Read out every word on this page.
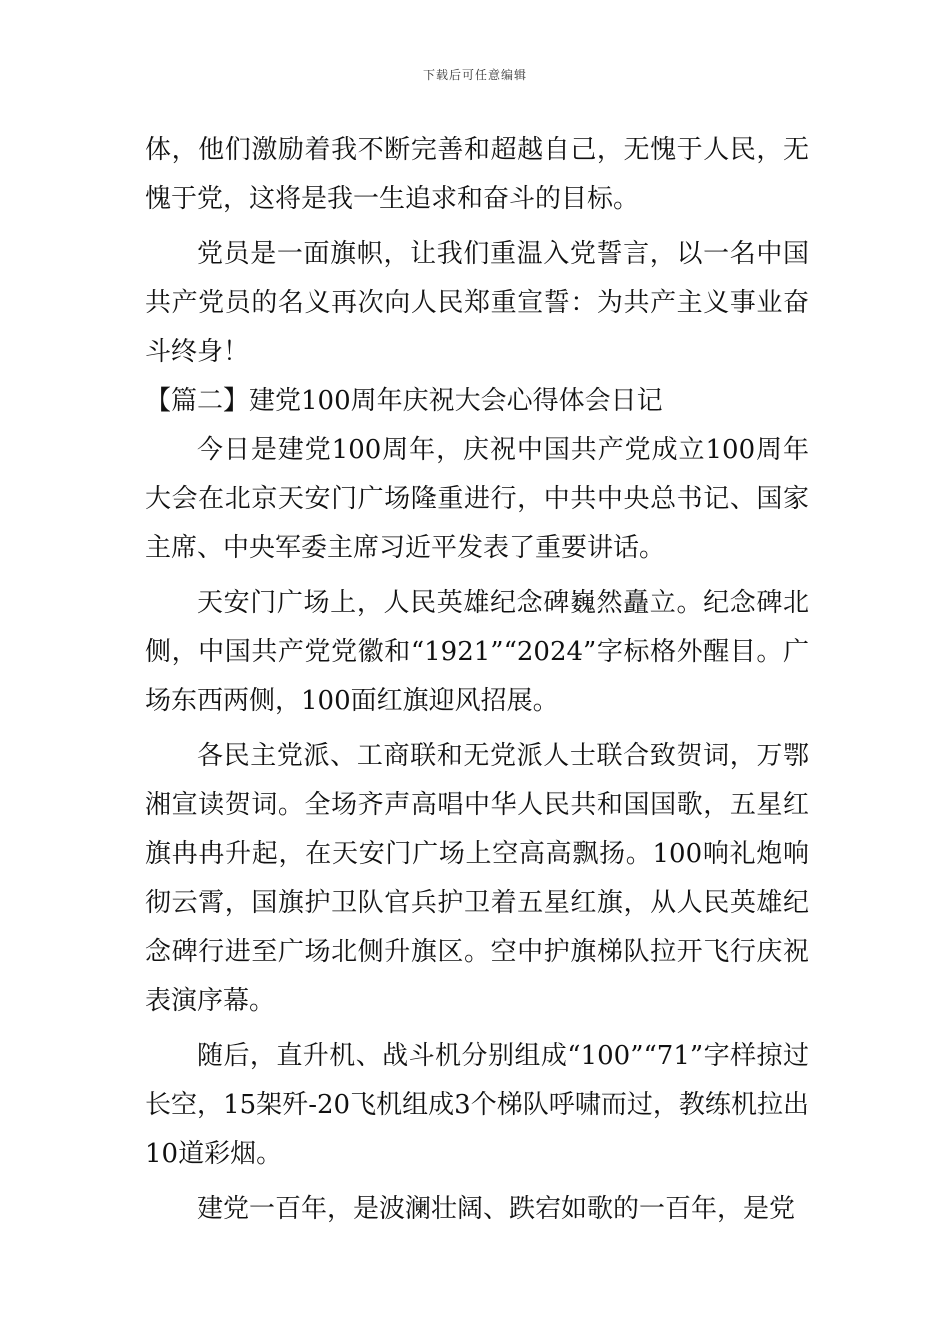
下载后可任意编辑

体，他们激励着我不断完善和超越自己，无愧于人民，无愧于党，这将是我一生追求和奋斗的目标。

党员是一面旗帜，让我们重温入党誓言，以一名中国共产党员的名义再次向人民郑重宣誓：为共产主义事业奋斗终身！

【篇二】建党100周年庆祝大会心得体会日记

今日是建党100周年，庆祝中国共产党成立100周年大会在北京天安门广场隆重进行，中共中央总书记、国家主席、中央军委主席习近平发表了重要讲话。

天安门广场上，人民英雄纪念碑巍然矗立。纪念碑北侧，中国共产党党徽和“1921”“2024”字标格外醒目。广场东西两侧，100面红旗迎风招展。

各民主党派、工商联和无党派人士联合致贺词，万鄂湘宣读贺词。全场齐声高唱中华人民共和国国歌，五星红旗冉冉升起，在天安门广场上空高高飘扬。100响礼炮响彻云霄，国旗护卫队官兵护卫着五星红旗，从人民英雄纪念碑行进至广场北侧升旗区。空中护旗梯队拉开飞行庆祝表演序幕。

随后，直升机、战斗机分别组成“100”“71”字样掠过长空，15架歼-20飞机组成3个梯队呼啸而过，教练机拉出10道彩烟。

建党一百年，是波澜壮阔、跌宕如歌的一百年，是党
